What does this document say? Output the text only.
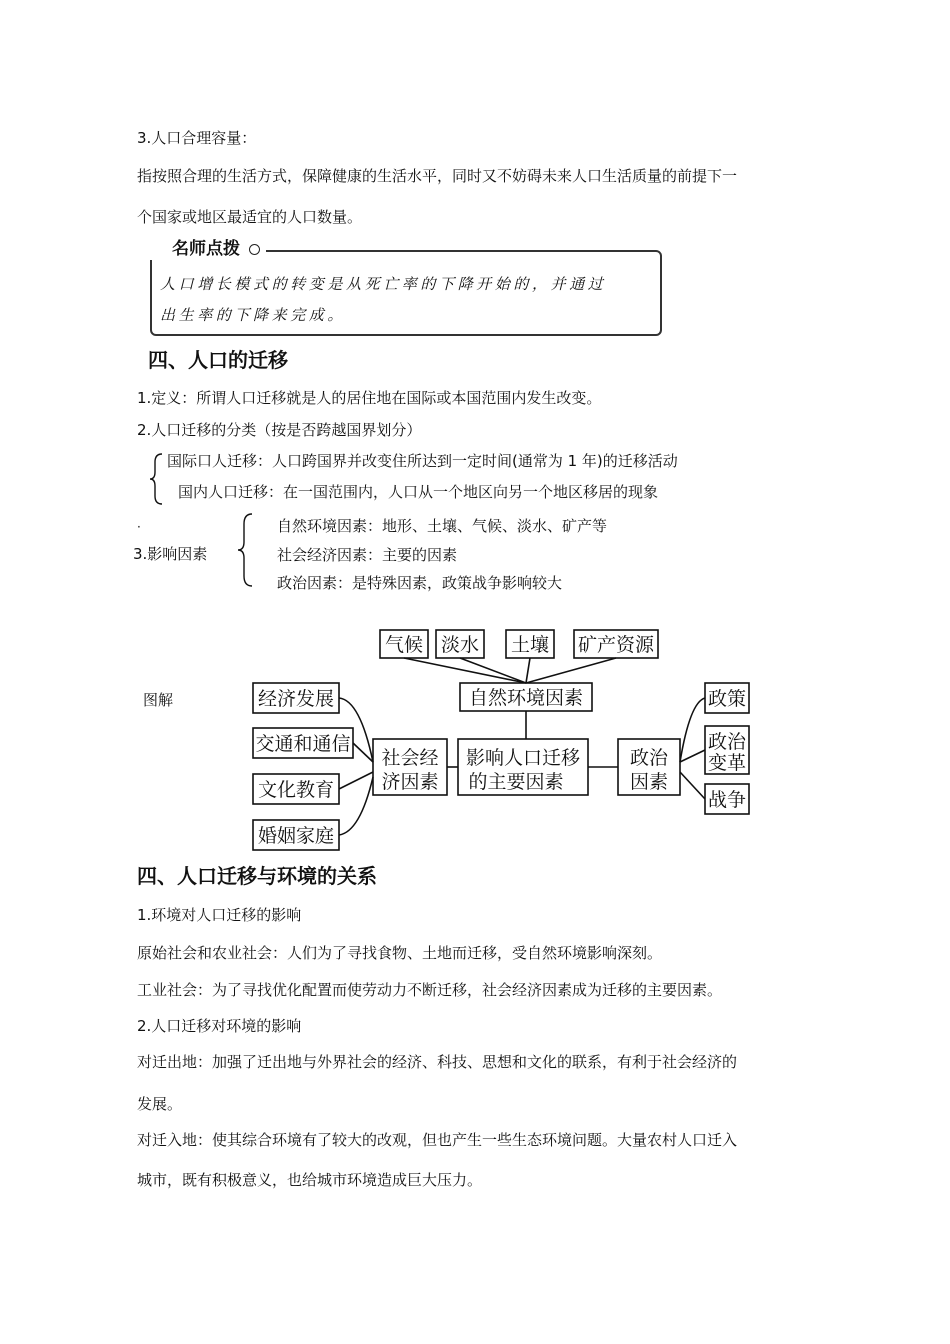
3.人口合理容量：
指按照合理的生活方式，保障健康的生活水平，同时又不妨碍未来人口生活质量的前提下一
个国家或地区最适宜的人口数量。
名师点拨
人口增长模式的转变是从死亡率的下降开始的，并通过
出生率的下降来完成。
四、人口的迁移
1.定义：所谓人口迁移就是人的居住地在国际或本国范围内发生改变。
2.人口迁移的分类（按是否跨越国界划分）
国际口人迁移：人口跨国界并改变住所达到一定时间(通常为 1 年)的迁移活动
国内人口迁移：在一国范围内，人口从一个地区向另一个地区移居的现象
·
3.影响因素
自然环境因素：地形、土壤、气候、淡水、矿产等
社会经济因素：主要的因素
政治因素：是特殊因素，政策战争影响较大
图解
气候 淡水 土壤 矿产资源
自然环境因素
影响人口迁移
的主要因素
社会经
济因素
政治
因素
经济发展
交通和通信
文化教育
婚姻家庭
政策
政治
变革
战争
四、人口迁移与环境的关系
1.环境对人口迁移的影响
原始社会和农业社会：人们为了寻找食物、土地而迁移，受自然环境影响深刻。
工业社会：为了寻找优化配置而使劳动力不断迁移，社会经济因素成为迁移的主要因素。
2.人口迁移对环境的影响
对迁出地：加强了迁出地与外界社会的经济、科技、思想和文化的联系，有利于社会经济的
发展。
对迁入地：使其综合环境有了较大的改观，但也产生一些生态环境问题。大量农村人口迁入
城市，既有积极意义，也给城市环境造成巨大压力。
